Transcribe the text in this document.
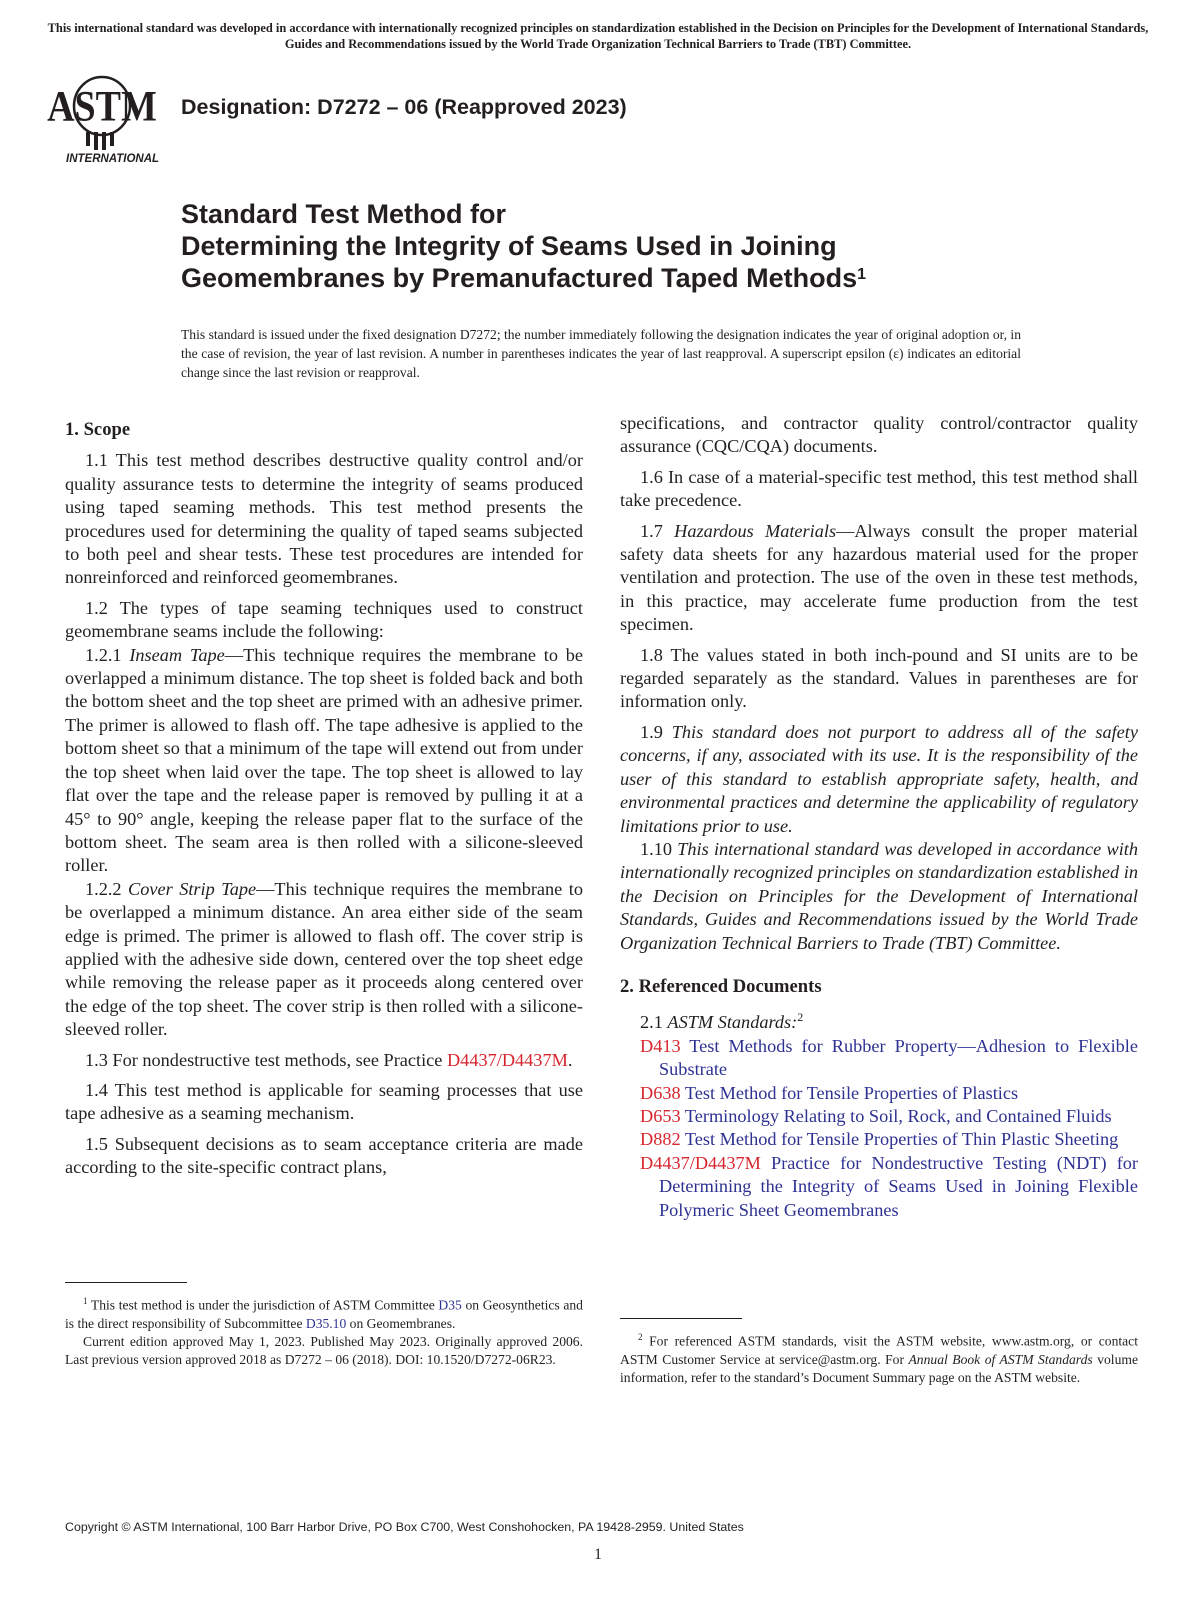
This international standard was developed in accordance with internationally recognized principles on standardization established in the Decision on Principles for the Development of International Standards, Guides and Recommendations issued by the World Trade Organization Technical Barriers to Trade (TBT) Committee.
ASTM
INTERNATIONAL
Designation: D7272 – 06 (Reapproved 2023)
Standard Test Method for
Determining the Integrity of Seams Used in Joining
Geomembranes by Premanufactured Taped Methods$^1$
This standard is issued under the fixed designation D7272; the number immediately following the designation indicates the year of original adoption or, in the case of revision, the year of last revision. A number in parentheses indicates the year of last reapproval. A superscript epsilon (ε) indicates an editorial change since the last revision or reapproval.
1. Scope

1.1 This test method describes destructive quality control and/or quality assurance tests to determine the integrity of seams produced using taped seaming methods. This test method presents the procedures used for determining the quality of taped seams subjected to both peel and shear tests. These test procedures are intended for nonreinforced and reinforced geomembranes.

1.2 The types of tape seaming techniques used to construct geomembrane seams include the following:

1.2.1 Inseam Tape—This technique requires the membrane to be overlapped a minimum distance. The top sheet is folded back and both the bottom sheet and the top sheet are primed with an adhesive primer. The primer is allowed to flash off. The tape adhesive is applied to the bottom sheet so that a minimum of the tape will extend out from under the top sheet when laid over the tape. The top sheet is allowed to lay flat over the tape and the release paper is removed by pulling it at a 45° to 90° angle, keeping the release paper flat to the surface of the bottom sheet. The seam area is then rolled with a silicone-sleeved roller.

1.2.2 Cover Strip Tape—This technique requires the membrane to be overlapped a minimum distance. An area either side of the seam edge is primed. The primer is allowed to flash off. The cover strip is applied with the adhesive side down, centered over the top sheet edge while removing the release paper as it proceeds along centered over the edge of the top sheet. The cover strip is then rolled with a silicone-sleeved roller.

1.3 For nondestructive test methods, see Practice D4437/D4437M.

1.4 This test method is applicable for seaming processes that use tape adhesive as a seaming mechanism.

1.5 Subsequent decisions as to seam acceptance criteria are made according to the site-specific contract plans,

$^1$ This test method is under the jurisdiction of ASTM Committee D35 on Geosynthetics and is the direct responsibility of Subcommittee D35.10 on Geomembranes.

Current edition approved May 1, 2023. Published May 2023. Originally approved 2006. Last previous version approved 2018 as D7272 – 06 (2018). DOI: 10.1520/D7272-06R23.

specifications, and contractor quality control/contractor quality assurance (CQC/CQA) documents.

1.6 In case of a material-specific test method, this test method shall take precedence.

1.7 Hazardous Materials—Always consult the proper material safety data sheets for any hazardous material used for the proper ventilation and protection. The use of the oven in these test methods, in this practice, may accelerate fume production from the test specimen.

1.8 The values stated in both inch-pound and SI units are to be regarded separately as the standard. Values in parentheses are for information only.

1.9 This standard does not purport to address all of the safety concerns, if any, associated with its use. It is the responsibility of the user of this standard to establish appropriate safety, health, and environmental practices and determine the applicability of regulatory limitations prior to use.

1.10 This international standard was developed in accordance with internationally recognized principles on standardization established in the Decision on Principles for the Development of International Standards, Guides and Recommendations issued by the World Trade Organization Technical Barriers to Trade (TBT) Committee.

2. Referenced Documents

2.1 ASTM Standards:$^2$

D413 Test Methods for Rubber Property—Adhesion to Flexible Substrate
D638 Test Method for Tensile Properties of Plastics
D653 Terminology Relating to Soil, Rock, and Contained Fluids
D882 Test Method for Tensile Properties of Thin Plastic Sheeting
D4437/D4437M Practice for Nondestructive Testing (NDT) for Determining the Integrity of Seams Used in Joining Flexible Polymeric Sheet Geomembranes

$^2$ For referenced ASTM standards, visit the ASTM website, www.astm.org, or contact ASTM Customer Service at service@astm.org. For Annual Book of ASTM Standards volume information, refer to the standard’s Document Summary page on the ASTM website.

Copyright © ASTM International, 100 Barr Harbor Drive, PO Box C700, West Conshohocken, PA 19428-2959. United States
1
